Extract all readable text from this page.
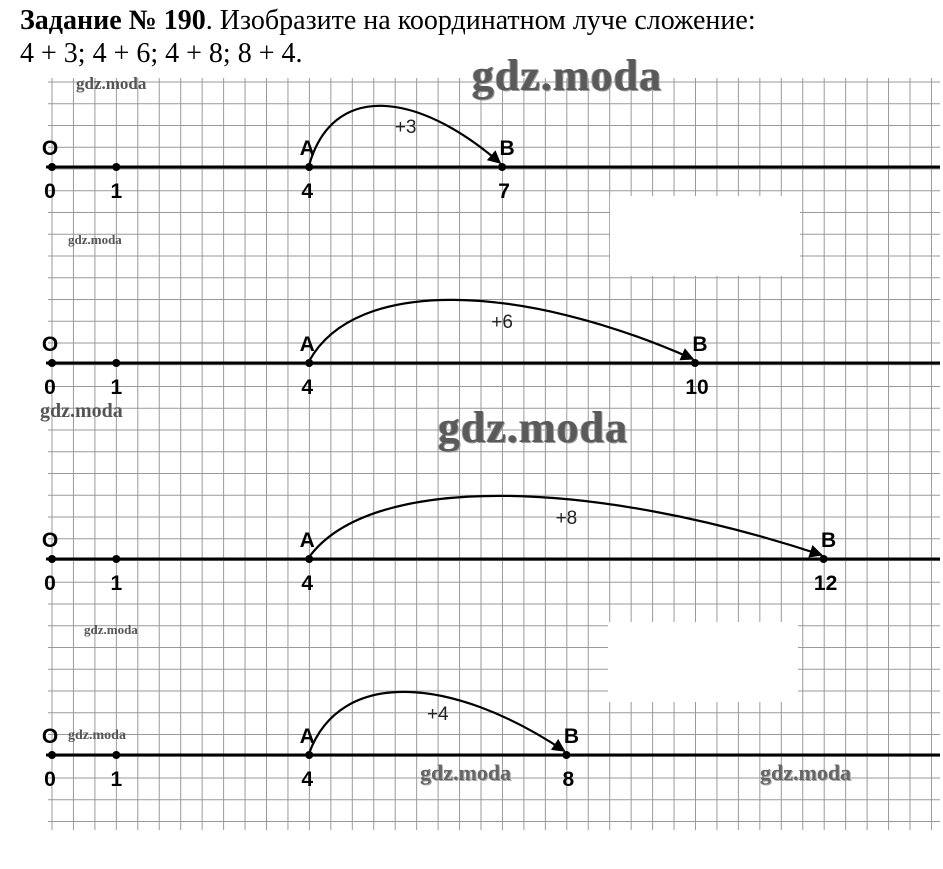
Задание № 190. Изобразите на координатном луче сложение:
4 + 3; 4 + 6; 4 + 8; 8 + 4.
O	A	B
0	1	4	7
+3
O	A	B
0	1	4	10
+6
O	A	B
0	1	4	12
+8
O	A	B
0	1	4	8
+4
gdz.moda
gdz.moda
gdz.moda
gdz.moda
gdz.moda
gdz.moda
gdz.moda
gdz.moda	gdz.moda
